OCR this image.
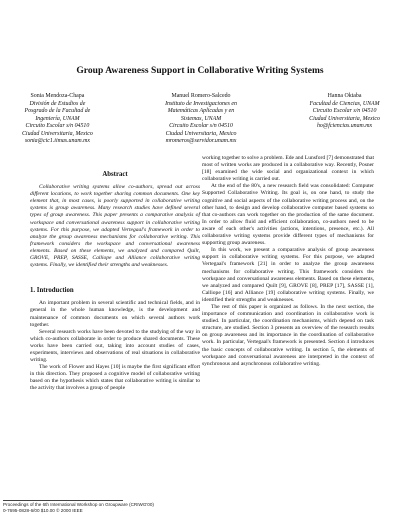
Group Awareness Support in Collaborative Writing Systems
Sonia Mendoza-Chapa
División de Estudios de
Posgrado de la Facultad de
Ingeniería, UNAM
Circuito Escolar s/n 04510
Ciudad Universitaria, Mexico
sonia@cic1.iimas.unam.mx
Manuel Romero-Salcedo
Instituto de Investigaciones en
Matemáticas Aplicadas y en
Sistemas, UNAM
Circuito Escolar s/n 04510
Ciudad Universitaria, Mexico
mromeros@servidor.unam.mx
Hanna Oktaba
Facultad de Ciencias, UNAM
Circuito Escolar s/n 04510
Ciudad Universitaria, Mexico
ho@fciencias.unam.mx
Abstract

Collaborative writing systems allow co-authors, spread out across different locations, to work together sharing common documents. One key element that, in most cases, is poorly supported in collaborative writing systems is group awareness. Many research studies have defined several types of group awareness. This paper presents a comparative analysis of workspace and conversational awareness support in collaborative writing systems. For this purpose, we adapted Vertegaal's framework in order to analyze the group awareness mechanisms for collaborative writing. This framework considers the workspace and conversational awareness elements. Based on these elements, we analyzed and compared Quilt, GROVE, PREP, SASSE, Calliope and Alliance collaborative writing systems. Finally, we identified their strengths and weaknesses.

1. Introduction

An important problem in several scientific and technical fields, and in general in the whole human knowledge, is the development and maintenance of common documents on which several authors work together.

Several research works have been devoted to the studying of the way in which co-authors collaborate in order to produce shared documents. These works have been carried out, taking into account studies of cases, experiments, interviews and observations of real situations in collaborative writing.

The work of Flower and Hayes [10] is maybe the first significant effort in this direction. They proposed a cognitive model of collaborative writing based on the hypothesis which states that collaborative writing is similar to the activity that involves a group of people

working together to solve a problem. Ede and Lunsford [7] demonstrated that most of written works are produced in a collaborative way. Recently, Posner [18] examined the wide social and organizational context in which collaborative writing is carried out.

At the end of the 80's, a new research field was consolidated: Computer Supported Collaborative Writing. Its goal is, on one hand, to study the cognitive and social aspects of the collaborative writing process and, on the other hand, to design and develop collaborative computer based systems so that co-authors can work together on the production of the same document. In order to allow fluid and efficient collaboration, co-authors need to be aware of each other's activities (actions, intentions, presence, etc.). All collaborative writing systems provide different types of mechanisms for supporting group awareness.

In this work, we present a comparative analysis of group awareness support in collaborative writing systems. For this purpose, we adapted Vertegaal's framework [21] in order to analyze the group awareness mechanisms for collaborative writing. This framework considers the workspace and conversational awareness elements. Based on these elements, we analyzed and compared Quilt [9], GROVE [8], PREP [17], SASSE [1], Calliope [16] and Alliance [19] collaborative writing systems. Finally, we identified their strengths and weaknesses.

The rest of this paper is organized as follows. In the next section, the importance of communication and coordination in collaborative work is studied. In particular, the coordination mechanisms, which depend on task structure, are studied. Section 3 presents an overview of the research results on group awareness and its importance in the coordination of collaborative work. In particular, Vertegaal's framework is presented. Section 4 introduces the basic concepts of collaborative writing. In section 5, the elements of workspace and conversational awareness are interpreted in the context of synchronous and asynchronous collaborative writing.

Proceedings of the 6th International Workshop on Groupware (CRIWG'00)
0-7695-0828-6/00 $10.00 © 2000 IEEE
